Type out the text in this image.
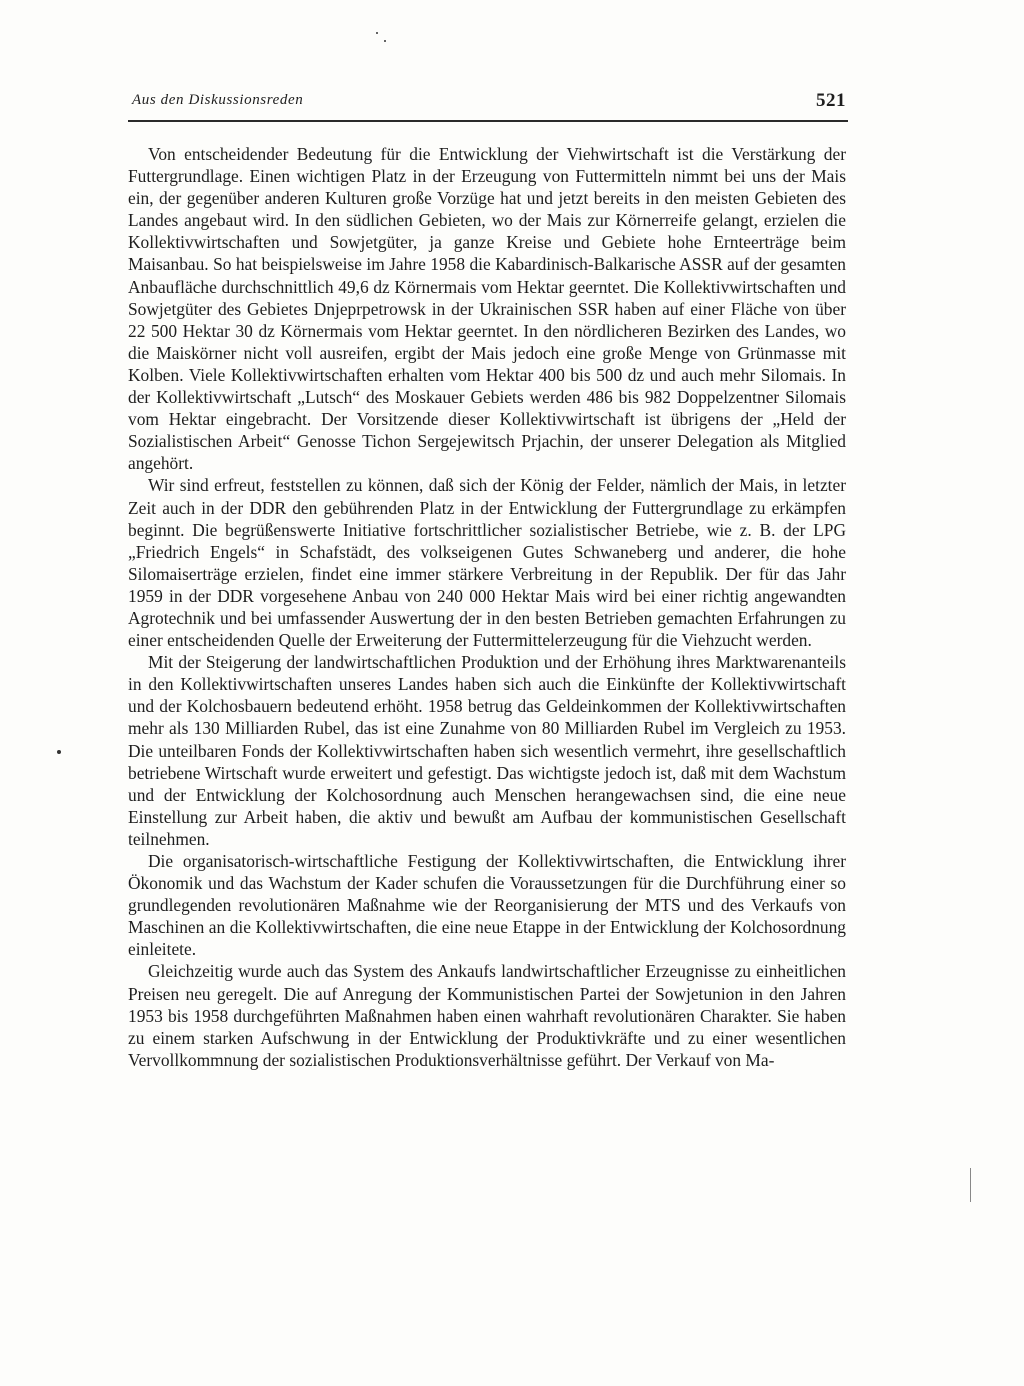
Aus den Diskussionsreden	521

Von entscheidender Bedeutung für die Entwicklung der Viehwirtschaft ist die Verstärkung der Futtergrundlage. Einen wichtigen Platz in der Erzeugung von Futtermitteln nimmt bei uns der Mais ein, der gegenüber anderen Kulturen große Vorzüge hat und jetzt bereits in den meisten Gebieten des Landes angebaut wird. In den südlichen Gebieten, wo der Mais zur Körnerreife gelangt, erzielen die Kollektivwirtschaften und Sowjetgüter, ja ganze Kreise und Gebiete hohe Ernteerträge beim Maisanbau. So hat beispielsweise im Jahre 1958 die Kabardinisch-Balkarische ASSR auf der gesamten Anbaufläche durchschnittlich 49,6 dz Körnermais vom Hektar geerntet. Die Kollektivwirtschaften und Sowjetgüter des Gebietes Dnjeprpetrowsk in der Ukrainischen SSR haben auf einer Fläche von über 22 500 Hektar 30 dz Körnermais vom Hektar geerntet. In den nördlicheren Bezirken des Landes, wo die Maiskörner nicht voll ausreifen, ergibt der Mais jedoch eine große Menge von Grünmasse mit Kolben. Viele Kollektivwirtschaften erhalten vom Hektar 400 bis 500 dz und auch mehr Silomais. In der Kollektivwirtschaft „Lutsch“ des Moskauer Gebiets werden 486 bis 982 Doppelzentner Silomais vom Hektar eingebracht. Der Vorsitzende dieser Kollektivwirtschaft ist übrigens der „Held der Sozialistischen Arbeit“ Genosse Tichon Sergejewitsch Prjachin, der unserer Delegation als Mitglied angehört.

Wir sind erfreut, feststellen zu können, daß sich der König der Felder, nämlich der Mais, in letzter Zeit auch in der DDR den gebührenden Platz in der Entwicklung der Futtergrundlage zu erkämpfen beginnt. Die begrüßenswerte Initiative fortschrittlicher sozialistischer Betriebe, wie z. B. der LPG „Friedrich Engels“ in Schafstädt, des volkseigenen Gutes Schwaneberg und anderer, die hohe Silomaiserträge erzielen, findet eine immer stärkere Verbreitung in der Republik. Der für das Jahr 1959 in der DDR vorgesehene Anbau von 240 000 Hektar Mais wird bei einer richtig angewandten Agrotechnik und bei umfassender Auswertung der in den besten Betrieben gemachten Erfahrungen zu einer entscheidenden Quelle der Erweiterung der Futtermittelerzeugung für die Viehzucht werden.

Mit der Steigerung der landwirtschaftlichen Produktion und der Erhöhung ihres Marktwarenanteils in den Kollektivwirtschaften unseres Landes haben sich auch die Einkünfte der Kollektivwirtschaft und der Kolchosbauern bedeutend erhöht. 1958 betrug das Geldeinkommen der Kollektivwirtschaften mehr als 130 Milliarden Rubel, das ist eine Zunahme von 80 Milliarden Rubel im Vergleich zu 1953. Die unteilbaren Fonds der Kollektivwirtschaften haben sich wesentlich vermehrt, ihre gesellschaftlich betriebene Wirtschaft wurde erweitert und gefestigt. Das wichtigste jedoch ist, daß mit dem Wachstum und der Entwicklung der Kolchosordnung auch Menschen herangewachsen sind, die eine neue Einstellung zur Arbeit haben, die aktiv und bewußt am Aufbau der kommunistischen Gesellschaft teilnehmen.

Die organisatorisch-wirtschaftliche Festigung der Kollektivwirtschaften, die Entwicklung ihrer Ökonomik und das Wachstum der Kader schufen die Voraussetzungen für die Durchführung einer so grundlegenden revolutionären Maßnahme wie der Reorganisierung der MTS und des Verkaufs von Maschinen an die Kollektivwirtschaften, die eine neue Etappe in der Entwicklung der Kolchosordnung einleitete.

Gleichzeitig wurde auch das System des Ankaufs landwirtschaftlicher Erzeugnisse zu einheitlichen Preisen neu geregelt. Die auf Anregung der Kommunistischen Partei der Sowjetunion in den Jahren 1953 bis 1958 durchgeführten Maßnahmen haben einen wahrhaft revolutionären Charakter. Sie haben zu einem starken Aufschwung in der Entwicklung der Produktivkräfte und zu einer wesentlichen Vervollkommnung der sozialistischen Produktionsverhältnisse geführt. Der Verkauf von Ma-
